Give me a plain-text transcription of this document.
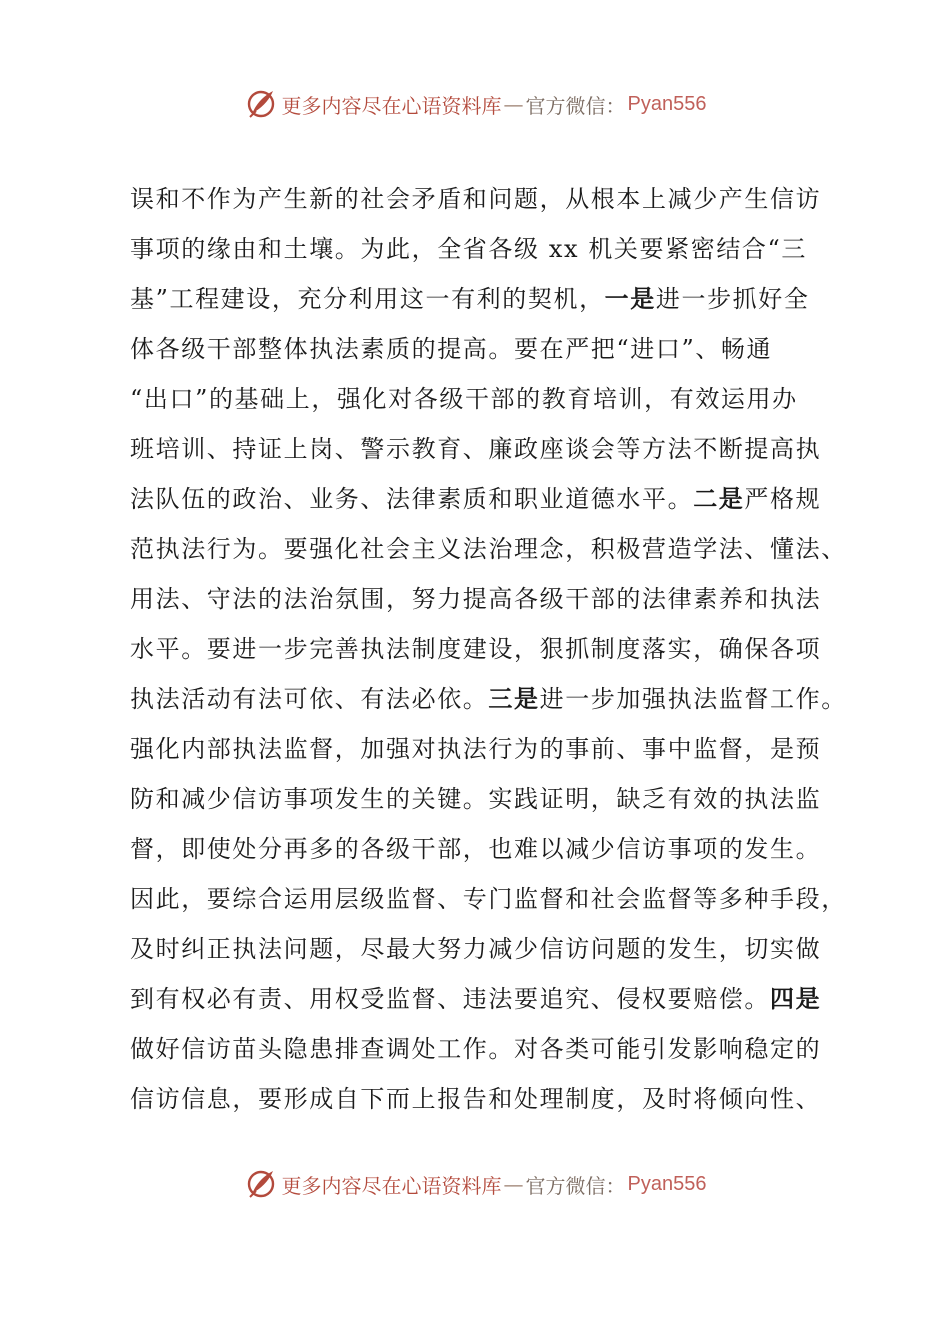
更多内容尽在心语资料库 — 官方微信： Pyan556
误和不作为产生新的社会矛盾和问题，从根本上减少产生信访
事项的缘由和土壤。为此，全省各级 xx 机关要紧密结合“三
基”工程建设，充分利用这一有利的契机，一是进一步抓好全
体各级干部整体执法素质的提高。要在严把“进口”、畅通
“出口”的基础上，强化对各级干部的教育培训，有效运用办
班培训、持证上岗、警示教育、廉政座谈会等方法不断提高执
法队伍的政治、业务、法律素质和职业道德水平。二是严格规
范执法行为。要强化社会主义法治理念，积极营造学法、懂法、
用法、守法的法治氛围，努力提高各级干部的法律素养和执法
水平。要进一步完善执法制度建设，狠抓制度落实，确保各项
执法活动有法可依、有法必依。三是进一步加强执法监督工作。
强化内部执法监督，加强对执法行为的事前、事中监督，是预
防和减少信访事项发生的关键。实践证明，缺乏有效的执法监
督，即使处分再多的各级干部，也难以减少信访事项的发生。
因此，要综合运用层级监督、专门监督和社会监督等多种手段，
及时纠正执法问题，尽最大努力减少信访问题的发生，切实做
到有权必有责、用权受监督、违法要追究、侵权要赔偿。四是
做好信访苗头隐患排查调处工作。对各类可能引发影响稳定的
信访信息，要形成自下而上报告和处理制度，及时将倾向性、
更多内容尽在心语资料库 — 官方微信： Pyan556
